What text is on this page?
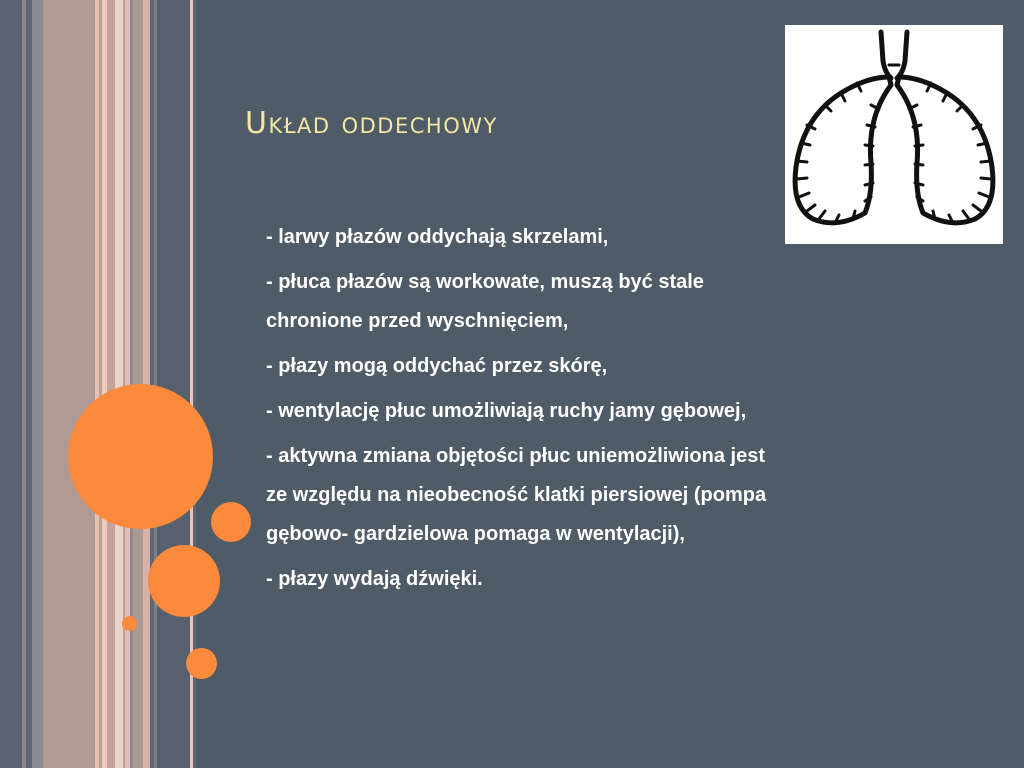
Układ oddechowy
- larwy płazów oddychają skrzelami,
- płuca płazów są workowate, muszą być stale
chronione przed wyschnięciem,
- płazy mogą oddychać przez skórę,
- wentylację płuc umożliwiają ruchy jamy gębowej,
- aktywna zmiana objętości płuc uniemożliwiona jest
ze względu na nieobecność klatki piersiowej (pompa
gębowo- gardzielowa pomaga w wentylacji),
- płazy wydają dźwięki.
